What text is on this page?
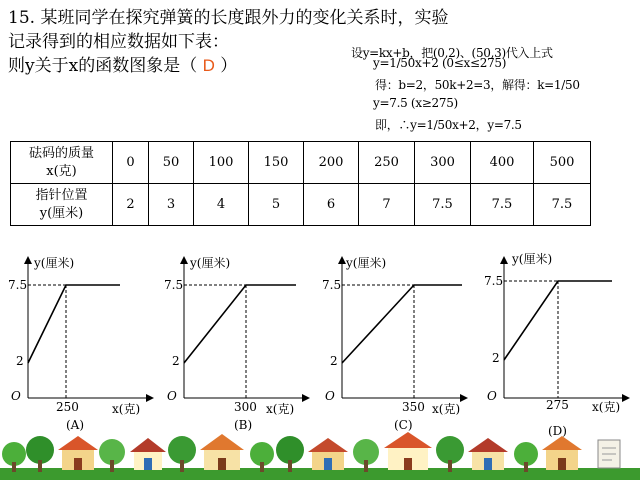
15. 某班同学在探究弹簧的长度跟外力的变化关系时，实验
记录得到的相应数据如下表：
则y关于x的函数图象是（ D ）
设y=kx+b，把(0,2)、(50,3)代入上式
y=1/50x+2 (0≤x≤275)
得：b=2，50k+2=3，解得：k=1/50
y=7.5 (x≥275)
即，∴y=1/50x+2，y=7.5
砝码的质量
x(克)	0	50	100	150	200	250	300	400	500

指针位置
y(厘米)	2	3	4	5	6	7	7.5	7.5	7.5
y(厘米)
7.5
2
O
250	x(克)
(A)
y(厘米)
7.5
2
O
300 x(克)
(B)
y(厘米)
7.5
2
O
350 x(克)
(C)
y(厘米)
7.5
2
O
275 x(克)
(D)
